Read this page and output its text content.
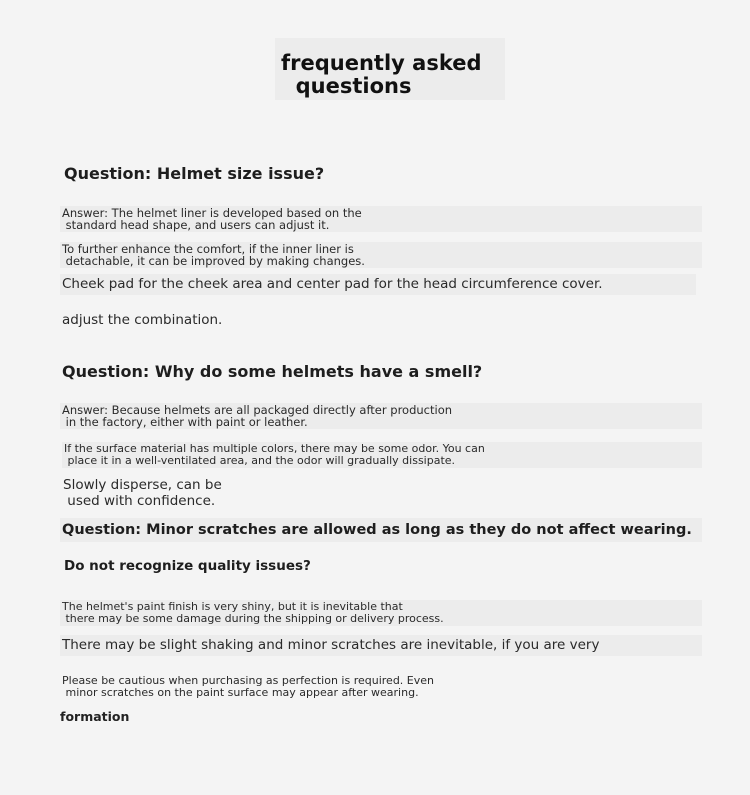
frequently asked
questions
Question: Helmet size issue?
Answer: The helmet liner is developed based on the
standard head shape, and users can adjust it.
To further enhance the comfort, if the inner liner is
detachable, it can be improved by making changes.
Cheek pad for the cheek area and center pad for the head circumference cover.
adjust the combination.
Question: Why do some helmets have a smell?
Answer: Because helmets are all packaged directly after production
in the factory, either with paint or leather.
If the surface material has multiple colors, there may be some odor. You can
place it in a well-ventilated area, and the odor will gradually dissipate.
Slowly disperse, can be
used with confidence.
Question: Minor scratches are allowed as long as they do not affect wearing.
Do not recognize quality issues?
The helmet's paint finish is very shiny, but it is inevitable that
there may be some damage during the shipping or delivery process.
There may be slight shaking and minor scratches are inevitable, if you are very
Please be cautious when purchasing as perfection is required. Even
minor scratches on the paint surface may appear after wearing.
formation
